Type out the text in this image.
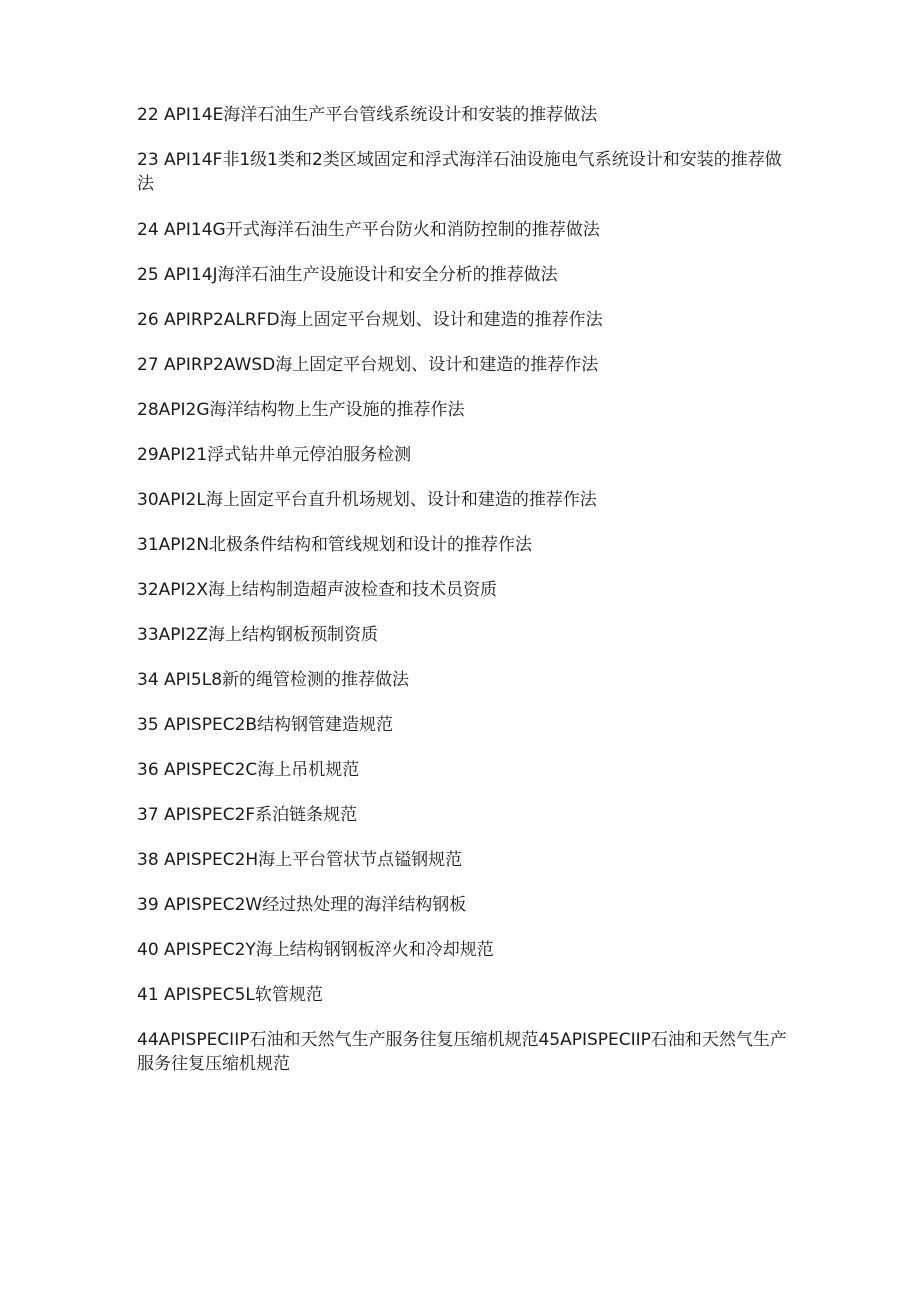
22 API14E海洋石油生产平台管线系统设计和安装的推荐做法
23 API14F非1级1类和2类区域固定和浮式海洋石油设施电气系统设计和安装的推荐做法
24 API14G开式海洋石油生产平台防火和消防控制的推荐做法
25 API14J海洋石油生产设施设计和安全分析的推荐做法
26 APIRP2ALRFD海上固定平台规划、设计和建造的推荐作法
27 APIRP2AWSD海上固定平台规划、设计和建造的推荐作法
28API2G海洋结构物上生产设施的推荐作法
29API21浮式钻井单元停泊服务检测
30API2L海上固定平台直升机场规划、设计和建造的推荐作法
31API2N北极条件结构和管线规划和设计的推荐作法
32API2X海上结构制造超声波检查和技术员资质
33API2Z海上结构钢板预制资质
34 API5L8新的绳管检测的推荐做法
35 APISPEC2B结构钢管建造规范
36 APISPEC2C海上吊机规范
37 APISPEC2F系泊链条规范
38 APISPEC2H海上平台管状节点镒钢规范
39 APISPEC2W经过热处理的海洋结构钢板
40 APISPEC2Y海上结构钢钢板淬火和冷却规范
41 APISPEC5L软管规范
44APISPECIIP石油和天然气生产服务往复压缩机规范45APISPECIIP石油和天然气生产服务往复压缩机规范
